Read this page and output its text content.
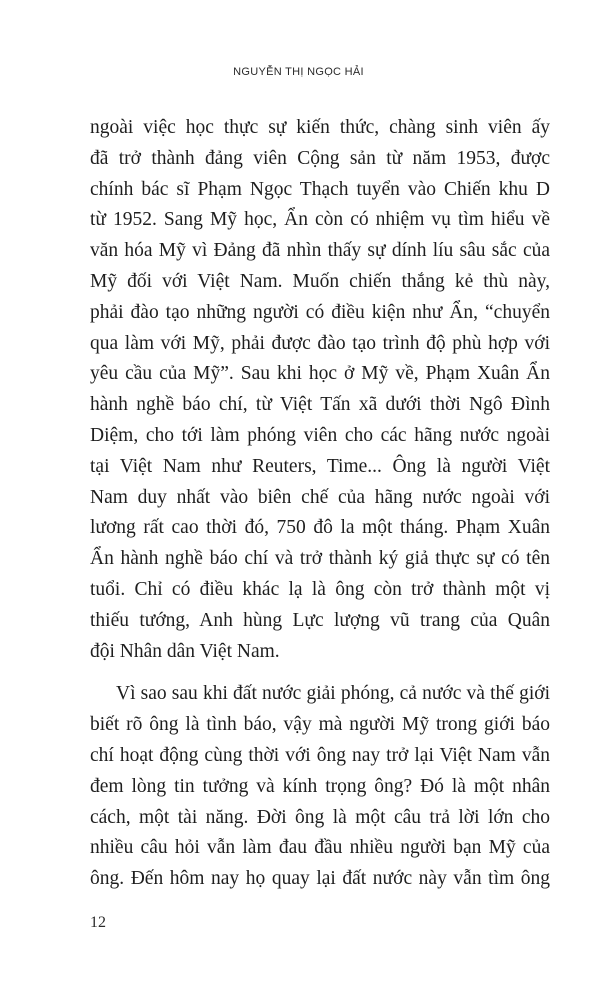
NGUYỄN THỊ NGỌC HẢI
ngoài việc học thực sự kiến thức, chàng sinh viên ấy
đã trở thành đảng viên Cộng sản từ năm 1953, được
chính bác sĩ Phạm Ngọc Thạch tuyển vào Chiến khu D
từ 1952. Sang Mỹ học, Ẩn còn có nhiệm vụ tìm hiểu về
văn hóa Mỹ vì Đảng đã nhìn thấy sự dính líu sâu sắc của
Mỹ đối với Việt Nam. Muốn chiến thắng kẻ thù này,
phải đào tạo những người có điều kiện như Ẩn, “chuyển
qua làm với Mỹ, phải được đào tạo trình độ phù hợp với
yêu cầu của Mỹ”. Sau khi học ở Mỹ về, Phạm Xuân Ẩn
hành nghề báo chí, từ Việt Tấn xã dưới thời Ngô Đình
Diệm, cho tới làm phóng viên cho các hãng nước ngoài
tại Việt Nam như Reuters, Time... Ông là người Việt
Nam duy nhất vào biên chế của hãng nước ngoài với
lương rất cao thời đó, 750 đô la một tháng. Phạm Xuân
Ẩn hành nghề báo chí và trở thành ký giả thực sự có tên
tuổi. Chỉ có điều khác lạ là ông còn trở thành một vị
thiếu tướng, Anh hùng Lực lượng vũ trang của Quân
đội Nhân dân Việt Nam.
Vì sao sau khi đất nước giải phóng, cả nước và thế giới
biết rõ ông là tình báo, vậy mà người Mỹ trong giới báo
chí hoạt động cùng thời với ông nay trở lại Việt Nam vẫn
đem lòng tin tưởng và kính trọng ông? Đó là một nhân
cách, một tài năng. Đời ông là một câu trả lời lớn cho
nhiều câu hỏi vẫn làm đau đầu nhiều người bạn Mỹ của
ông. Đến hôm nay họ quay lại đất nước này vẫn tìm ông
12
